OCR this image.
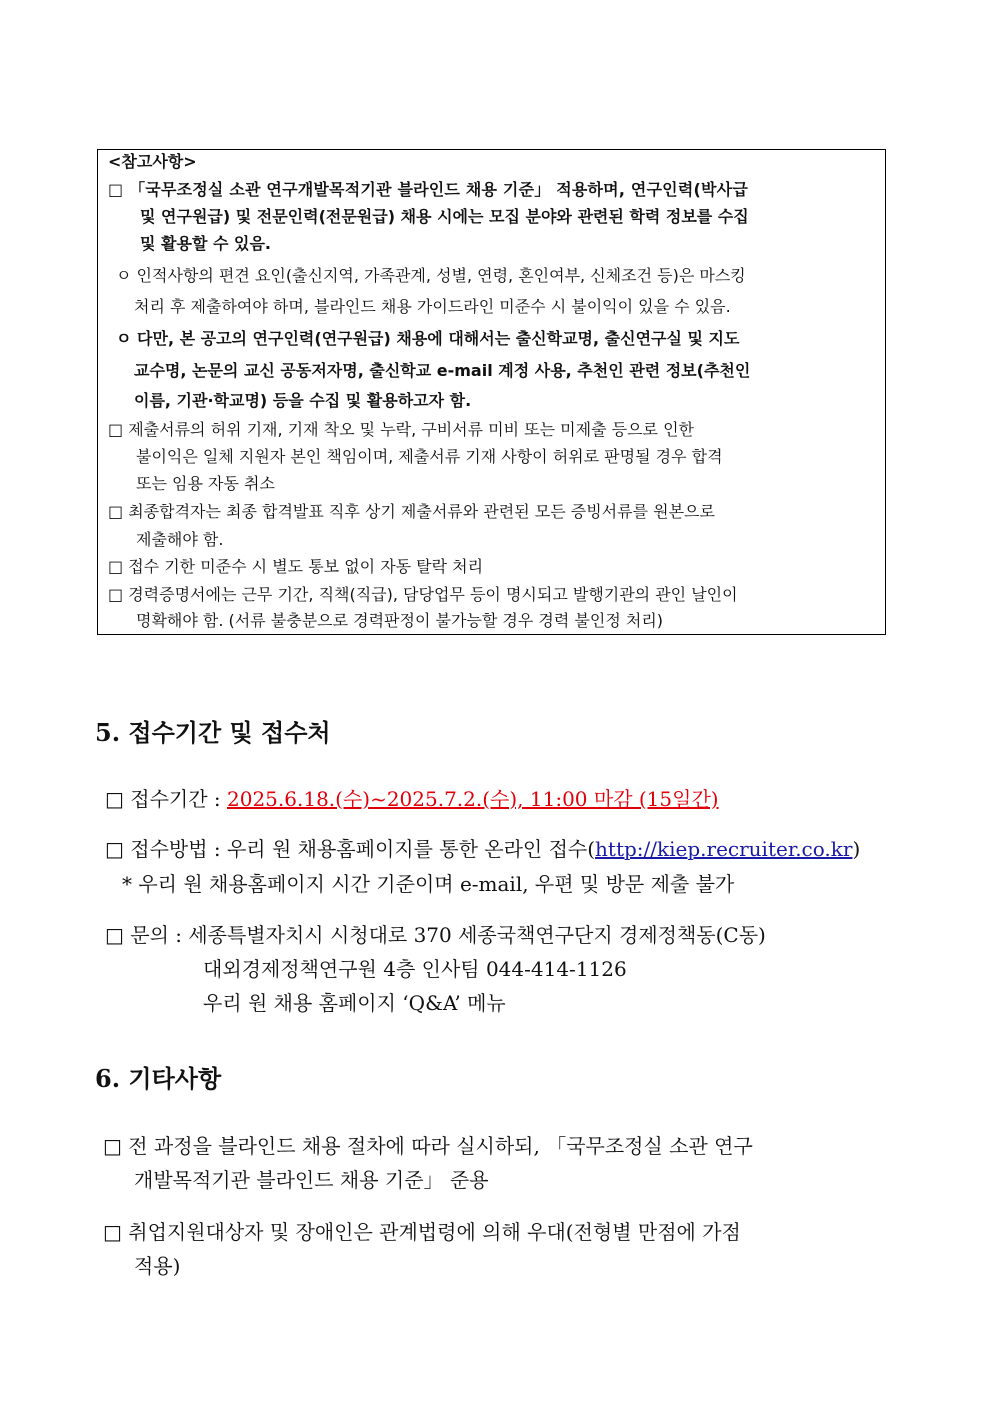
<참고사항>
□ 「국무조정실 소관 연구개발목적기관 블라인드 채용 기준」 적용하며, 연구인력(박사급
및 연구원급) 및 전문인력(전문원급) 채용 시에는 모집 분야와 관련된 학력 정보를 수집
및 활용할 수 있음.
ㅇ 인적사항의 편견 요인(출신지역, 가족관계, 성별, 연령, 혼인여부, 신체조건 등)은 마스킹
처리 후 제출하여야 하며, 블라인드 채용 가이드라인 미준수 시 불이익이 있을 수 있음.
ㅇ 다만, 본 공고의 연구인력(연구원급) 채용에 대해서는 출신학교명, 출신연구실 및 지도
교수명, 논문의 교신 공동저자명, 출신학교 e-mail 계정 사용, 추천인 관련 정보(추천인
이름, 기관·학교명) 등을 수집 및 활용하고자 함.
□ 제출서류의 허위 기재, 기재 착오 및 누락, 구비서류 미비 또는 미제출 등으로 인한
불이익은 일체 지원자 본인 책임이며, 제출서류 기재 사항이 허위로 판명될 경우 합격
또는 임용 자동 취소
□ 최종합격자는 최종 합격발표 직후 상기 제출서류와 관련된 모든 증빙서류를 원본으로
제출해야 함.
□ 접수 기한 미준수 시 별도 통보 없이 자동 탈락 처리
□ 경력증명서에는 근무 기간, 직책(직급), 담당업무 등이 명시되고 발행기관의 관인 날인이
명확해야 함. (서류 불충분으로 경력판정이 불가능할 경우 경력 불인정 처리)
5. 접수기간 및 접수처
□ 접수기간 : 2025.6.18.(수)~2025.7.2.(수), 11:00 마감 (15일간)
□ 접수방법 : 우리 원 채용홈페이지를 통한 온라인 접수(http://kiep.recruiter.co.kr)
* 우리 원 채용홈페이지 시간 기준이며 e-mail, 우편 및 방문 제출 불가
□ 문의 : 세종특별자치시 시청대로 370 세종국책연구단지 경제정책동(C동)
대외경제정책연구원 4층 인사팀 044-414-1126
우리 원 채용 홈페이지 ‘Q&A’ 메뉴
6. 기타사항
□ 전 과정을 블라인드 채용 절차에 따라 실시하되, 「국무조정실 소관 연구
개발목적기관 블라인드 채용 기준」 준용
□ 취업지원대상자 및 장애인은 관계법령에 의해 우대(전형별 만점에 가점
적용)
